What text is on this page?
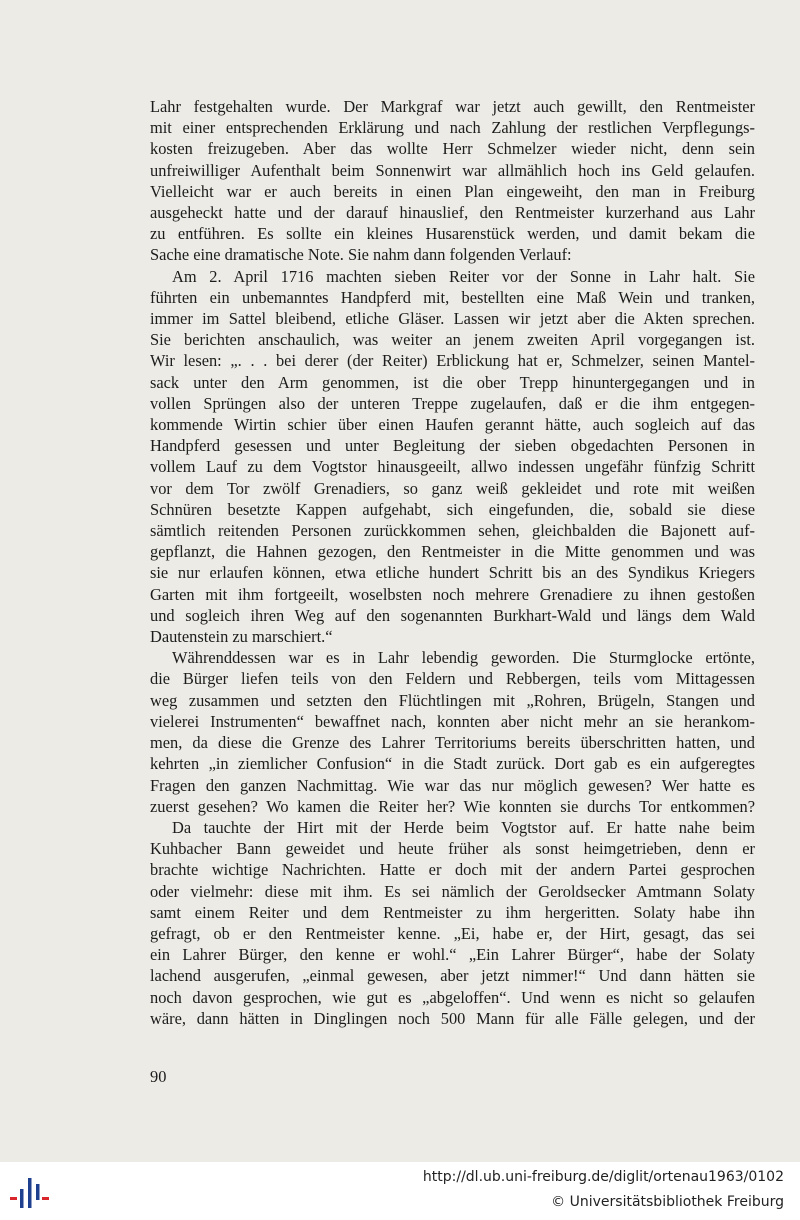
Lahr festgehalten wurde. Der Markgraf war jetzt auch gewillt, den Rentmeister
mit einer entsprechenden Erklärung und nach Zahlung der restlichen Verpflegungs-
kosten freizugeben. Aber das wollte Herr Schmelzer wieder nicht, denn sein
unfreiwilliger Aufenthalt beim Sonnenwirt war allmählich hoch ins Geld gelaufen.
Vielleicht war er auch bereits in einen Plan eingeweiht, den man in Freiburg
ausgeheckt hatte und der darauf hinauslief, den Rentmeister kurzerhand aus Lahr
zu entführen. Es sollte ein kleines Husarenstück werden, und damit bekam die
Sache eine dramatische Note. Sie nahm dann folgenden Verlauf:
Am 2. April 1716 machten sieben Reiter vor der Sonne in Lahr halt. Sie
führten ein unbemanntes Handpferd mit, bestellten eine Maß Wein und tranken,
immer im Sattel bleibend, etliche Gläser. Lassen wir jetzt aber die Akten sprechen.
Sie berichten anschaulich, was weiter an jenem zweiten April vorgegangen ist.
Wir lesen: „. . . bei derer (der Reiter) Erblickung hat er, Schmelzer, seinen Mantel-
sack unter den Arm genommen, ist die ober Trepp hinuntergegangen und in
vollen Sprüngen also der unteren Treppe zugelaufen, daß er die ihm entgegen-
kommende Wirtin schier über einen Haufen gerannt hätte, auch sogleich auf das
Handpferd gesessen und unter Begleitung der sieben obgedachten Personen in
vollem Lauf zu dem Vogtstor hinausgeeilt, allwo indessen ungefähr fünfzig Schritt
vor dem Tor zwölf Grenadiers, so ganz weiß gekleidet und rote mit weißen
Schnüren besetzte Kappen aufgehabt, sich eingefunden, die, sobald sie diese
sämtlich reitenden Personen zurückkommen sehen, gleichbalden die Bajonett auf-
gepflanzt, die Hahnen gezogen, den Rentmeister in die Mitte genommen und was
sie nur erlaufen können, etwa etliche hundert Schritt bis an des Syndikus Kriegers
Garten mit ihm fortgeeilt, woselbsten noch mehrere Grenadiere zu ihnen gestoßen
und sogleich ihren Weg auf den sogenannten Burkhart-Wald und längs dem Wald
Dautenstein zu marschiert.“
Währenddessen war es in Lahr lebendig geworden. Die Sturmglocke ertönte,
die Bürger liefen teils von den Feldern und Rebbergen, teils vom Mittagessen
weg zusammen und setzten den Flüchtlingen mit „Rohren, Brügeln, Stangen und
vielerei Instrumenten“ bewaffnet nach, konnten aber nicht mehr an sie herankom-
men, da diese die Grenze des Lahrer Territoriums bereits überschritten hatten, und
kehrten „in ziemlicher Confusion“ in die Stadt zurück. Dort gab es ein aufgeregtes
Fragen den ganzen Nachmittag. Wie war das nur möglich gewesen? Wer hatte es
zuerst gesehen? Wo kamen die Reiter her? Wie konnten sie durchs Tor entkommen?
Da tauchte der Hirt mit der Herde beim Vogtstor auf. Er hatte nahe beim
Kuhbacher Bann geweidet und heute früher als sonst heimgetrieben, denn er
brachte wichtige Nachrichten. Hatte er doch mit der andern Partei gesprochen
oder vielmehr: diese mit ihm. Es sei nämlich der Geroldsecker Amtmann Solaty
samt einem Reiter und dem Rentmeister zu ihm hergeritten. Solaty habe ihn
gefragt, ob er den Rentmeister kenne. „Ei, habe er, der Hirt, gesagt, das sei
ein Lahrer Bürger, den kenne er wohl.“ „Ein Lahrer Bürger“, habe der Solaty
lachend ausgerufen, „einmal gewesen, aber jetzt nimmer!“ Und dann hätten sie
noch davon gesprochen, wie gut es „abgeloffen“. Und wenn es nicht so gelaufen
wäre, dann hätten in Dinglingen noch 500 Mann für alle Fälle gelegen, und der
90
http://dl.ub.uni-freiburg.de/diglit/ortenau1963/0102
© Universitätsbibliothek Freiburg
